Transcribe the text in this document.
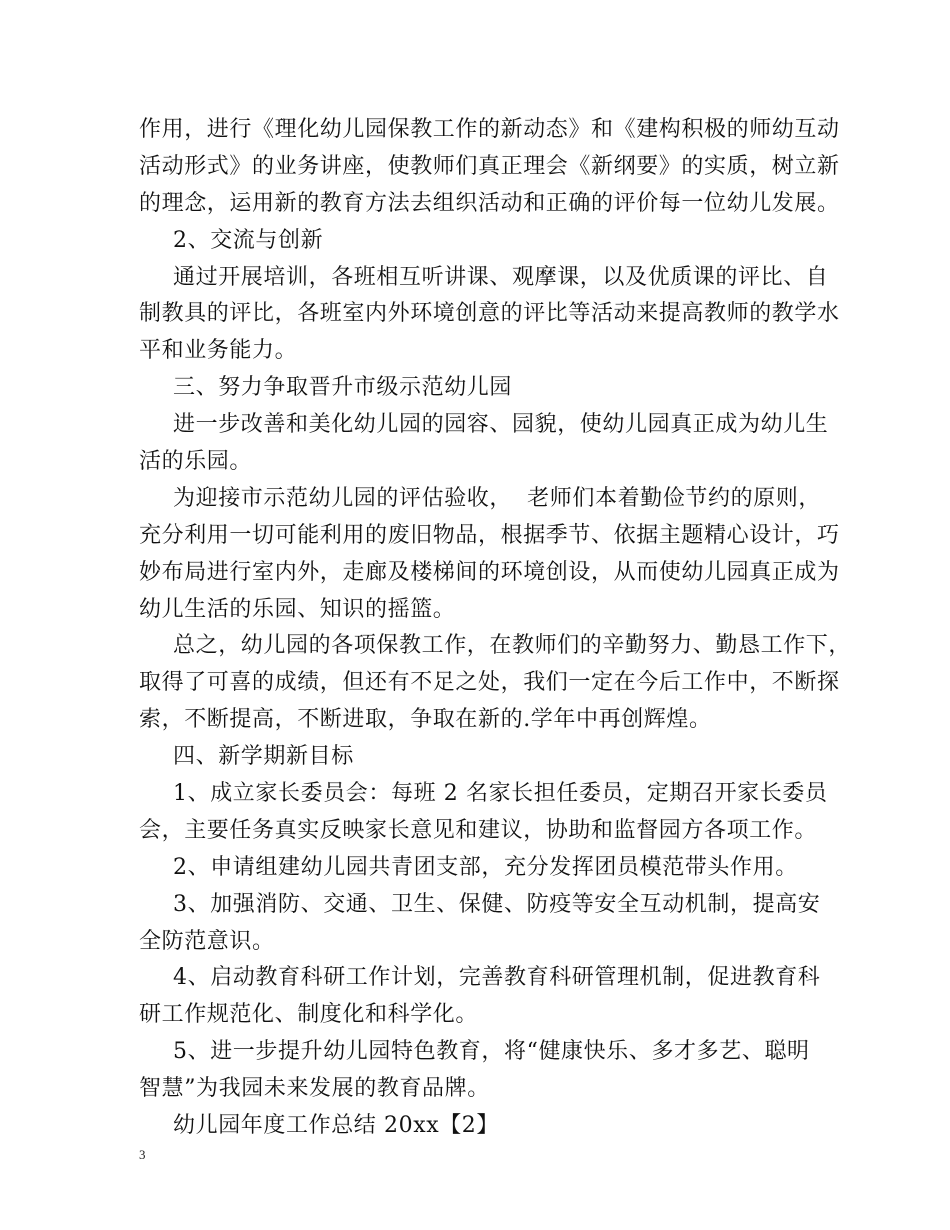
作用，进行《理化幼儿园保教工作的新动态》和《建构积极的师幼互动
活动形式》的业务讲座，使教师们真正理会《新纲要》的实质，树立新
的理念，运用新的教育方法去组织活动和正确的评价每一位幼儿发展。
2、交流与创新
通过开展培训，各班相互听讲课、观摩课，以及优质课的评比、自
制教具的评比，各班室内外环境创意的评比等活动来提高教师的教学水
平和业务能力。
三、努力争取晋升市级示范幼儿园
进一步改善和美化幼儿园的园容、园貌，使幼儿园真正成为幼儿生
活的乐园。
为迎接市示范幼儿园的评估验收，  老师们本着勤俭节约的原则，
充分利用一切可能利用的废旧物品，根据季节、依据主题精心设计，巧
妙布局进行室内外，走廊及楼梯间的环境创设，从而使幼儿园真正成为
幼儿生活的乐园、知识的摇篮。
总之，幼儿园的各项保教工作，在教师们的辛勤努力、勤恳工作下，
取得了可喜的成绩，但还有不足之处，我们一定在今后工作中，不断探
索，不断提高，不断进取，争取在新的.学年中再创辉煌。
四、新学期新目标
1、成立家长委员会：每班 2 名家长担任委员，定期召开家长委员
会，主要任务真实反映家长意见和建议，协助和监督园方各项工作。
2、申请组建幼儿园共青团支部，充分发挥团员模范带头作用。
3、加强消防、交通、卫生、保健、防疫等安全互动机制，提高安
全防范意识。
4、启动教育科研工作计划，完善教育科研管理机制，促进教育科
研工作规范化、制度化和科学化。
5、进一步提升幼儿园特色教育，将“健康快乐、多才多艺、聪明
智慧”为我园未来发展的教育品牌。
幼儿园年度工作总结 20xx【2】
3
